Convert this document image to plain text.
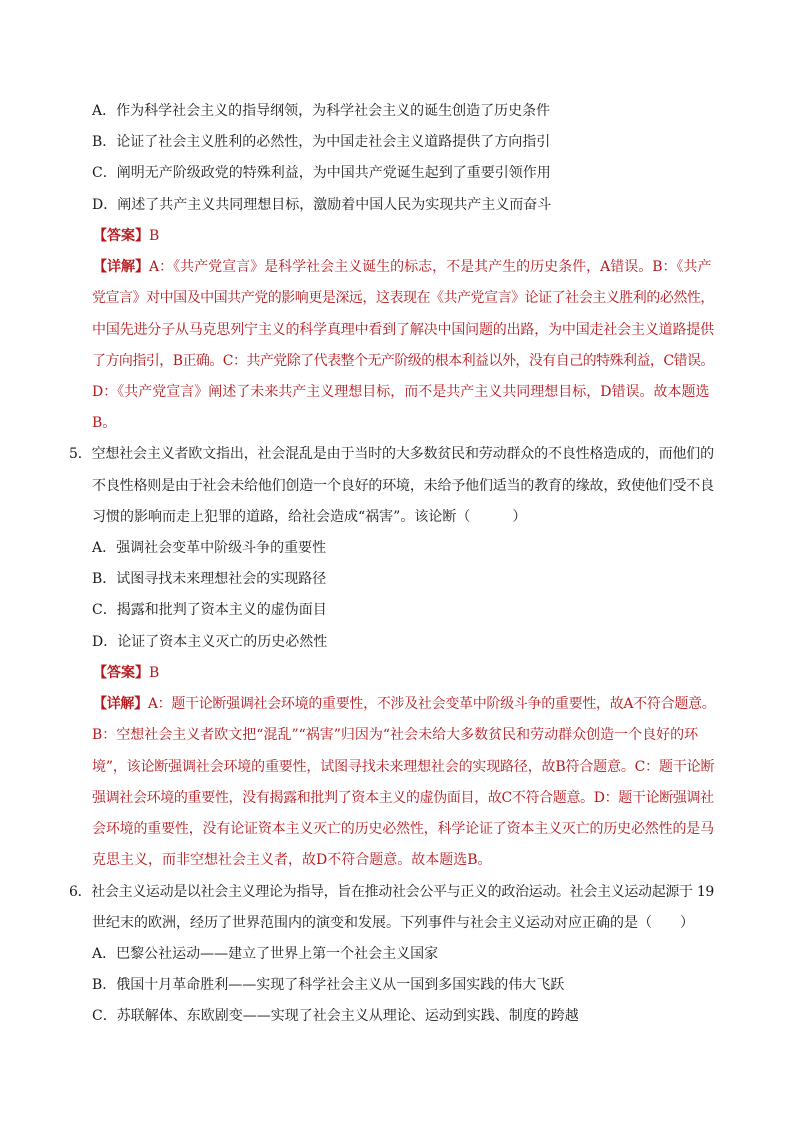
A．作为科学社会主义的指导纲领，为科学社会主义的诞生创造了历史条件
B．论证了社会主义胜利的必然性，为中国走社会主义道路提供了方向指引
C．阐明无产阶级政党的特殊利益，为中国共产党诞生起到了重要引领作用
D．阐述了共产主义共同理想目标，激励着中国人民为实现共产主义而奋斗
【答案】B
【详解】A：《共产党宣言》是科学社会主义诞生的标志，不是其产生的历史条件，A错误。B：《共产
党宣言》对中国及中国共产党的影响更是深远，这表现在《共产党宣言》论证了社会主义胜利的必然性，
中国先进分子从马克思列宁主义的科学真理中看到了解决中国问题的出路，为中国走社会主义道路提供
了方向指引，B正确。C：共产党除了代表整个无产阶级的根本利益以外，没有自己的特殊利益，C错误。
D：《共产党宣言》阐述了未来共产主义理想目标，而不是共产主义共同理想目标，D错误。故本题选
B。
5．空想社会主义者欧文指出，社会混乱是由于当时的大多数贫民和劳动群众的不良性格造成的，而他们的
不良性格则是由于社会未给他们创造一个良好的环境，未给予他们适当的教育的缘故，致使他们受不良
习惯的影响而走上犯罪的道路，给社会造成“祸害”。该论断（　　　）
A．强调社会变革中阶级斗争的重要性
B．试图寻找未来理想社会的实现路径
C．揭露和批判了资本主义的虚伪面目
D．论证了资本主义灭亡的历史必然性
【答案】B
【详解】A：题干论断强调社会环境的重要性，不涉及社会变革中阶级斗争的重要性，故A不符合题意。
B：空想社会主义者欧文把“混乱”“祸害”归因为“社会未给大多数贫民和劳动群众创造一个良好的环
境”，该论断强调社会环境的重要性，试图寻找未来理想社会的实现路径，故B符合题意。C：题干论断
强调社会环境的重要性，没有揭露和批判了资本主义的虚伪面目，故C不符合题意。D：题干论断强调社
会环境的重要性，没有论证资本主义灭亡的历史必然性，科学论证了资本主义灭亡的历史必然性的是马
克思主义，而非空想社会主义者，故D不符合题意。故本题选B。
6．社会主义运动是以社会主义理论为指导，旨在推动社会公平与正义的政治运动。社会主义运动起源于 19
世纪末的欧洲，经历了世界范围内的演变和发展。下列事件与社会主义运动对应正确的是（　　）
A．巴黎公社运动——建立了世界上第一个社会主义国家
B．俄国十月革命胜利——实现了科学社会主义从一国到多国实践的伟大飞跃
C．苏联解体、东欧剧变——实现了社会主义从理论、运动到实践、制度的跨越
